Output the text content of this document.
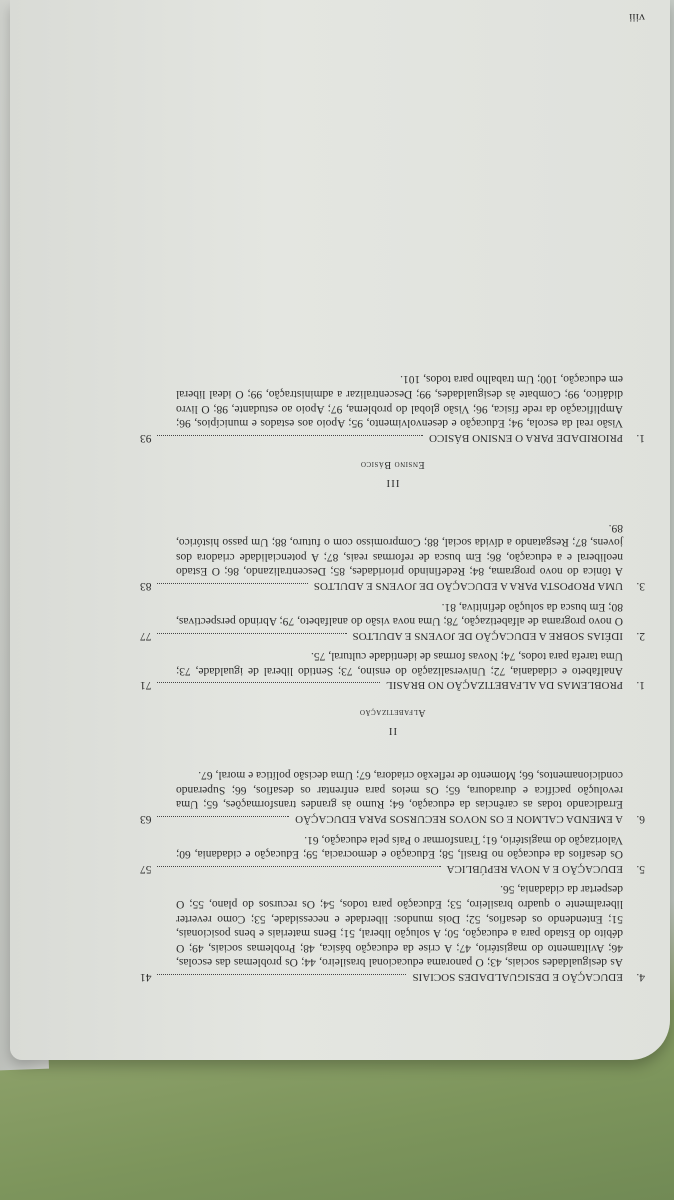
4.
EDUCAÇÃO E DESIGUALDADES SOCIAIS
41
As desigualdades sociais, 43; O panorama educacional brasileiro, 44; Os problemas das escolas, 46; Aviltamento do magistério, 47; A crise da educação básica, 48; Problemas sociais, 49; O débito do Estado para a educação, 50; A solução liberal, 51; Bens materiais e bens posicionais, 51; Entendendo os desafios, 52; Dois mundos: liberdade e necessidade, 53; Como reverter liberalmente o quadro brasileiro, 53; Educação para todos, 54; Os recursos do plano, 55; O despertar da cidadania, 56.
5.
EDUCAÇÃO E A NOVA REPÚBLICA
57
Os desafios da educação no Brasil, 58; Educação e democracia, 59; Educação e cidadania, 60; Valorização do magistério, 61; Transformar o País pela educação, 61.
6.
A EMENDA CALMON E OS NOVOS RECURSOS PARA EDUCAÇÃO
63
Erradicando todas as carências da educação, 64; Rumo às grandes transformações, 65; Uma revolução pacífica e duradoura, 65; Os meios para enfrentar os desafios, 66; Superando condicionamentos, 66; Momento de reflexão criadora, 67; Uma decisão política e moral, 67.
II
Alfabetização
1.
PROBLEMAS DA ALFABETIZAÇÃO NO BRASIL
71
Analfabeto e cidadania, 72; Universalização do ensino, 73; Sentido liberal de igualdade, 73; Uma tarefa para todos, 74; Novas formas de identidade cultural, 75.
2.
IDÉIAS SOBRE A EDUCAÇÃO DE JOVENS E ADULTOS
77
O novo programa de alfabetização, 78; Uma nova visão do analfabeto, 79; Abrindo perspectivas, 80; Em busca da solução definitiva, 81.
3.
UMA PROPOSTA PARA A EDUCAÇÃO DE JOVENS E ADULTOS
83
A tônica do novo programa, 84; Redefinindo prioridades, 85; Descentralizando, 86; O Estado neoliberal e a educação, 86; Em busca de reformas reais, 87; A potencialidade criadora dos jovens, 87; Resgatando a dívida social, 88; Compromisso com o futuro, 88; Um passo histórico, 89.
III
Ensino Básico
1.
PRIORIDADE PARA O ENSINO BÁSICO
93
Visão real da escola, 94; Educação e desenvolvimento, 95; Apoio aos estados e municípios, 96; Amplificação da rede física, 96; Visão global do problema, 97; Apoio ao estudante, 98; O livro didático, 99; Combate às desigualdades, 99; Descentralizar a administração, 99; O ideal liberal em educação, 100; Um trabalho para todos, 101.
viii
